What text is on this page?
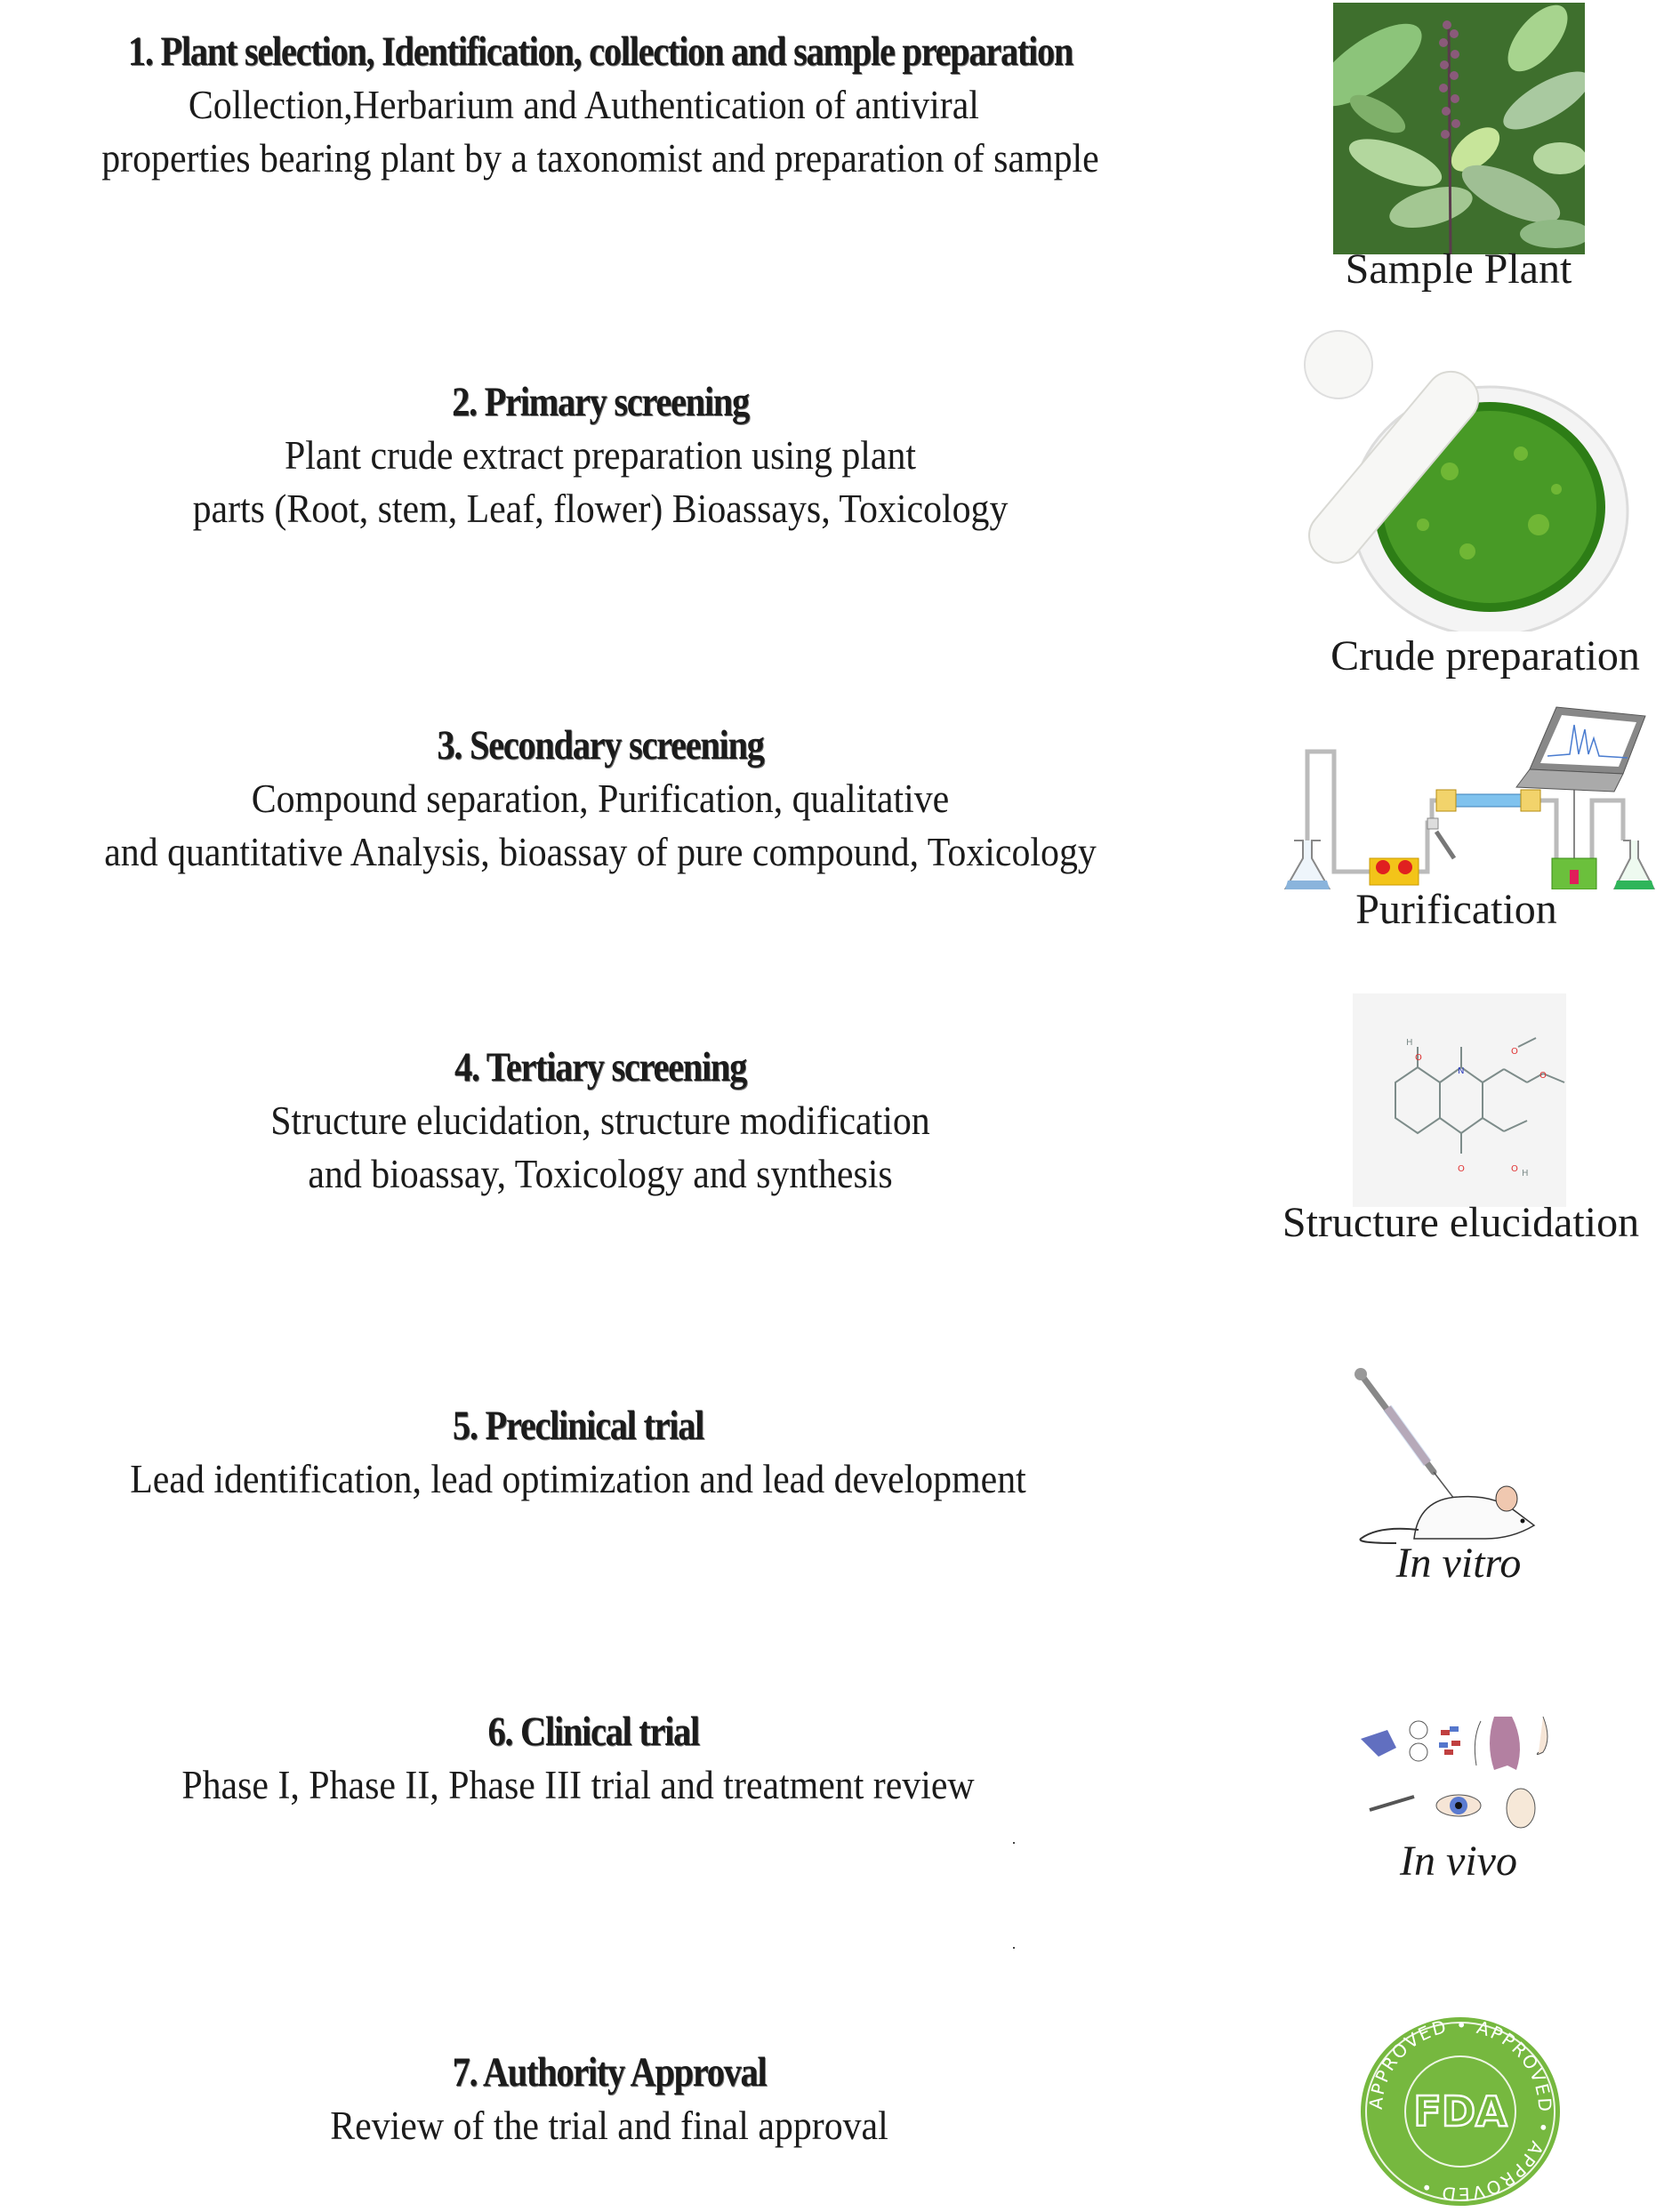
1. Plant selection, Identification, collection and sample preparation
Collection,Herbarium and Authentication of antiviral
properties bearing plant by a taxonomist and preparation of sample
2. Primary screening
Plant crude extract preparation using plant
parts (Root, stem, Leaf, flower) Bioassays, Toxicology
3. Secondary screening
Compound separation, Purification, qualitative
and quantitative Analysis, bioassay of pure compound, Toxicology
4. Tertiary screening
Structure elucidation, structure modification
and bioassay, Toxicology and synthesis
5. Preclinical trial
Lead identification, lead optimization and lead development
6. Clinical trial
Phase I, Phase II, Phase III trial and treatment review
7. Authority Approval
Review of the trial and final approval
Sample Plant
Crude preparation
Purification
H
O
N
O
O
O	O H
Structure elucidation
In vitro
In vivo
APPROVED • APPROVED • APPROVED •
FDA
